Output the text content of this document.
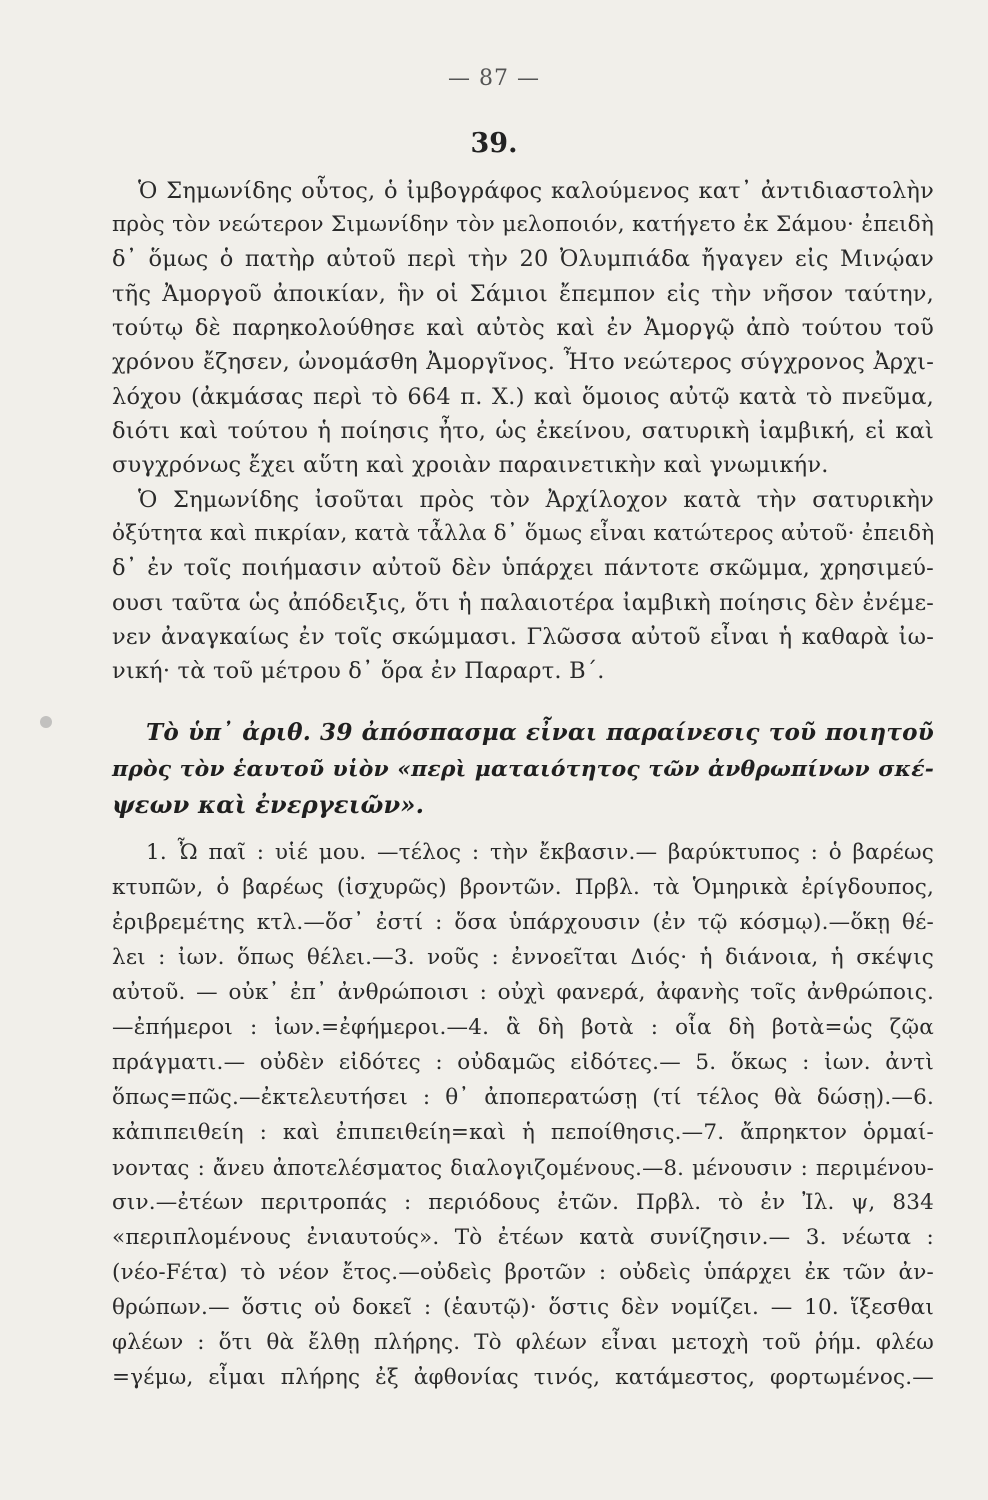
— 87 —
39.
Ὁ Σημωνίδης οὗτος, ὁ ἰμβογράφος καλούμενος κατ᾽ ἀντιδιαστολὴν
πρὸς τὸν νεώτερον Σιμωνίδην τὸν μελοποιόν, κατήγετο ἐκ Σάμου· ἐπειδὴ
δ᾽ ὅμως ὁ πατὴρ αὐτοῦ περὶ τὴν 20 Ὀλυμπιάδα ἤγαγεν εἰς Μινῴαν
τῆς Ἀμοργοῦ ἀποικίαν, ἣν οἱ Σάμιοι ἔπεμπον εἰς τὴν νῆσον ταύτην,
τούτῳ δὲ παρηκολούθησε καὶ αὐτὸς καὶ ἐν Ἀμοργῷ ἀπὸ τούτου τοῦ
χρόνου ἔζησεν, ὠνομάσθη Ἀμοργῖνος. Ἦτο νεώτερος σύγχρονος Ἀρχι-
λόχου (ἀκμάσας περὶ τὸ 664 π. Χ.) καὶ ὅμοιος αὐτῷ κατὰ τὸ πνεῦμα,
διότι καὶ τούτου ἡ ποίησις ἦτο, ὡς ἐκείνου, σατυρικὴ ἰαμβική, εἰ καὶ
συγχρόνως ἔχει αὕτη καὶ χροιὰν παραινετικὴν καὶ γνωμικήν.
Ὁ Σημωνίδης ἰσοῦται πρὸς τὸν Ἀρχίλοχον κατὰ τὴν σατυρικὴν
ὀξύτητα καὶ πικρίαν, κατὰ τἆλλα δ᾽ ὅμως εἶναι κατώτερος αὐτοῦ· ἐπειδὴ
δ᾽ ἐν τοῖς ποιήμασιν αὐτοῦ δὲν ὑπάρχει πάντοτε σκῶμμα, χρησιμεύ-
ουσι ταῦτα ὡς ἀπόδειξις, ὅτι ἡ παλαιοτέρα ἰαμβικὴ ποίησις δὲν ἐνέμε-
νεν ἀναγκαίως ἐν τοῖς σκώμμασι. Γλῶσσα αὐτοῦ εἶναι ἡ καθαρὰ ἰω-
νική· τὰ τοῦ μέτρου δ᾽ ὅρα ἐν Παραρτ. Β΄.
Τὸ ὑπ᾽ ἀριθ. 39 ἀπόσπασμα εἶναι παραίνεσις τοῦ ποιητοῦ
πρὸς τὸν ἑαυτοῦ υἱὸν «περὶ ματαιότητος τῶν ἀνθρωπίνων σκέ-
ψεων καὶ ἐνεργειῶν».
1. Ὦ παῖ : υἱέ μου. —τέλος : τὴν ἔκβασιν.— βαρύκτυπος : ὁ βαρέως
κτυπῶν, ὁ βαρέως (ἰσχυρῶς) βροντῶν. Πρβλ. τὰ Ὁμηρικὰ ἐρίγδουπος,
ἐριβρεμέτης κτλ.—ὅσ᾽ ἐστί : ὅσα ὑπάρχουσιν (ἐν τῷ κόσμῳ).—ὅκῃ θέ-
λει : ἰων. ὅπως θέλει.—3. νοῦς : ἐννοεῖται Διός· ἡ διάνοια, ἡ σκέψις
αὐτοῦ. — οὐκ᾽ ἐπ᾽ ἀνθρώποισι : οὐχὶ φανερά, ἀφανὴς τοῖς ἀνθρώποις.
—ἐπήμεροι : ἰων.=ἐφήμεροι.—4. ἃ δὴ βοτὰ : οἷα δὴ βοτὰ=ὡς ζῷα
πράγματι.— οὐδὲν εἰδότες : οὐδαμῶς εἰδότες.— 5. ὅκως : ἰων. ἀντὶ
ὅπως=πῶς.—ἐκτελευτήσει : θ᾽ ἀποπερατώσῃ (τί τέλος θὰ δώσῃ).—6.
κἀπιπειθείη : καὶ ἐπιπειθείη=καὶ ἡ πεποίθησις.—7. ἄπρηκτον ὁρμαί-
νοντας : ἄνευ ἀποτελέσματος διαλογιζομένους.—8. μένουσιν : περιμένου-
σιν.—ἐτέων περιτροπάς : περιόδους ἐτῶν. Πρβλ. τὸ ἐν Ἰλ. ψ, 834
«περιπλομένους ἐνιαυτούς». Τὸ ἐτέων κατὰ συνίζησιν.— 3. νέωτα :
(νέο-Fέτα) τὸ νέον ἔτος.—οὐδεὶς βροτῶν : οὐδεὶς ὑπάρχει ἐκ τῶν ἀν-
θρώπων.— ὅστις οὐ δοκεῖ : (ἑαυτῷ)· ὅστις δὲν νομίζει. — 10. ἵξεσθαι
φλέων : ὅτι θὰ ἔλθῃ πλήρης. Τὸ φλέων εἶναι μετοχὴ τοῦ ῥήμ. φλέω
=γέμω, εἶμαι πλήρης ἐξ ἀφθονίας τινός, κατάμεστος, φορτωμένος.—
